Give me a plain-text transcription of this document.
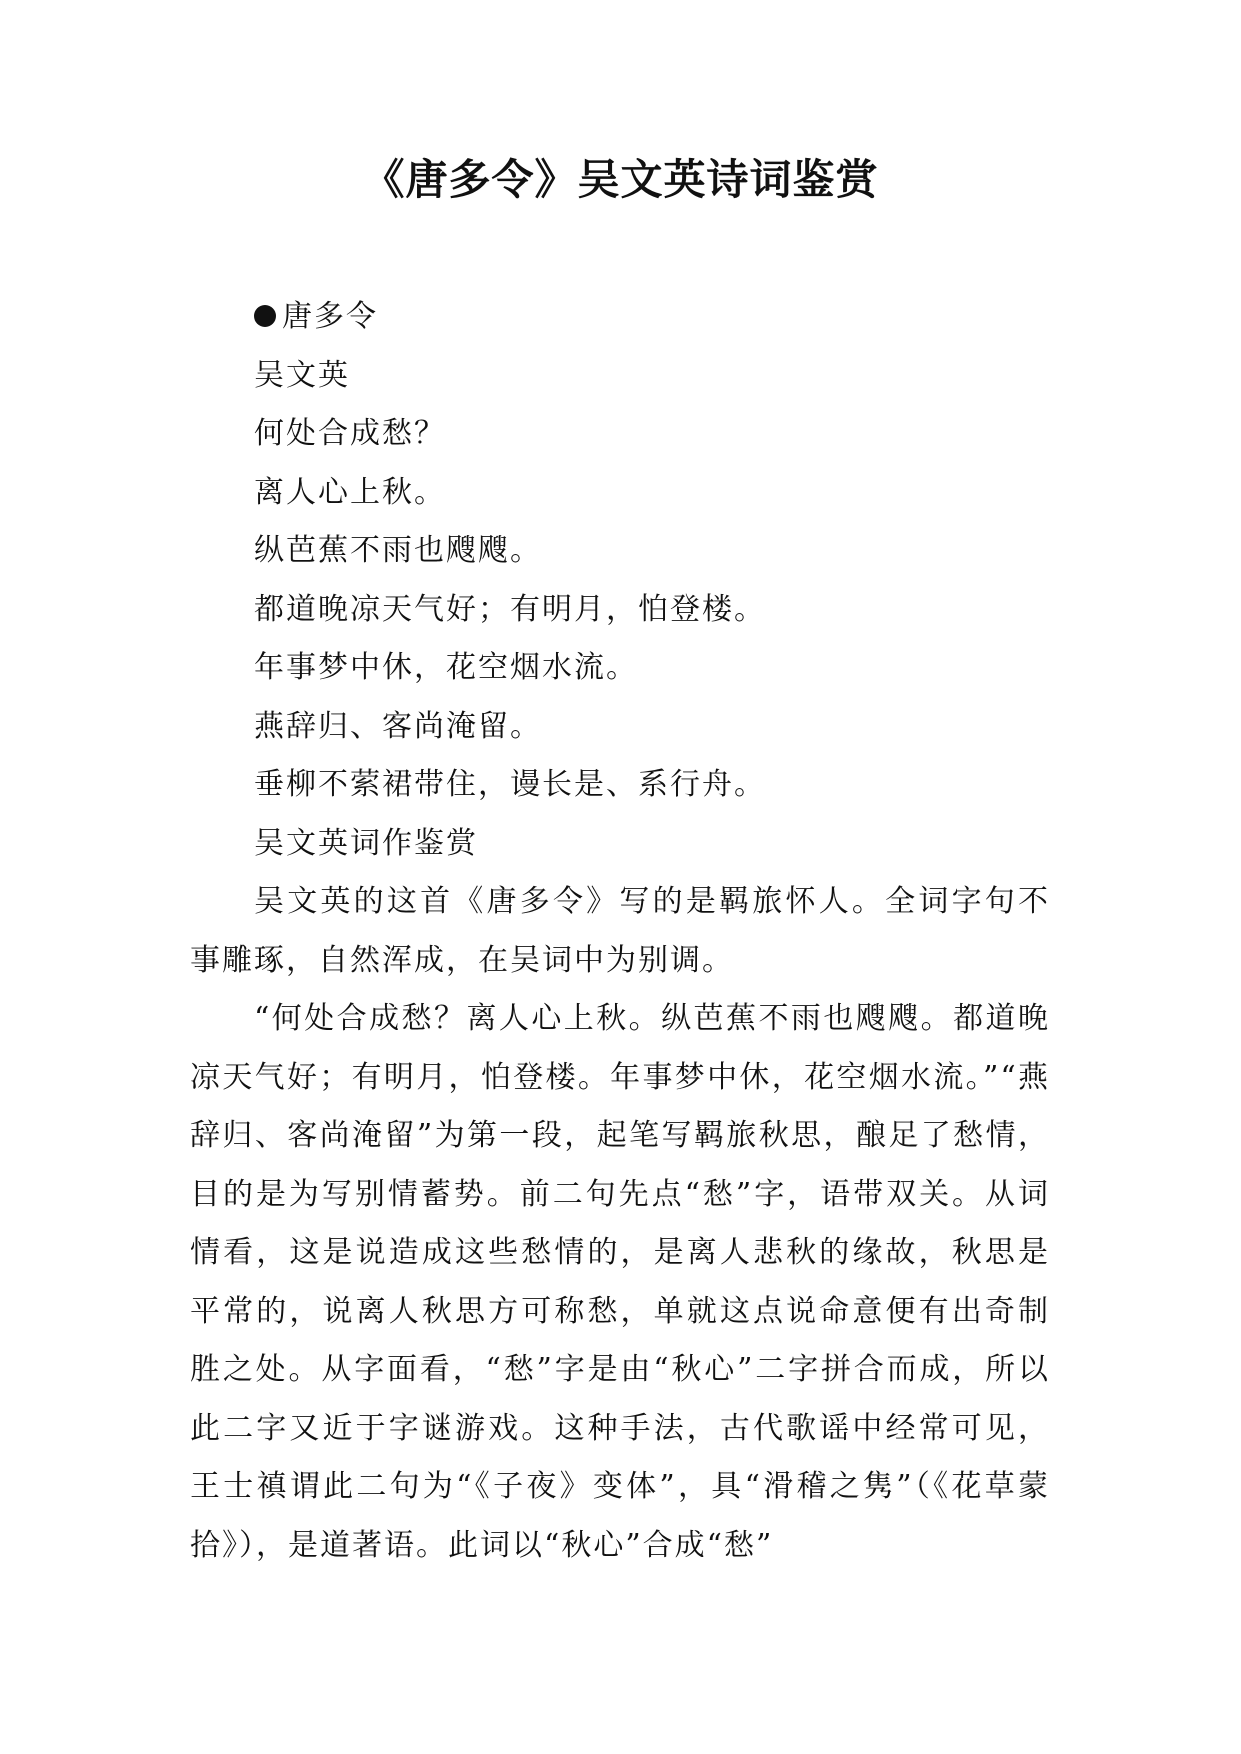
《唐多令》吴文英诗词鉴赏

唐多令

吴文英

何处合成愁？

离人心上秋。

纵芭蕉不雨也飕飕。

都道晚凉天气好；有明月，怕登楼。

年事梦中休，花空烟水流。

燕辞归、客尚淹留。

垂柳不萦裙带住，谩长是、系行舟。

吴文英词作鉴赏

吴文英的这首《唐多令》写的是羁旅怀人。全词字句不事雕琢，自然浑成，在吴词中为别调。

“何处合成愁？离人心上秋。纵芭蕉不雨也飕飕。都道晚凉天气好；有明月，怕登楼。年事梦中休，花空烟水流。”“燕辞归、客尚淹留”为第一段，起笔写羁旅秋思，酿足了愁情，目的是为写别情蓄势。前二句先点“愁”字，语带双关。从词情看，这是说造成这些愁情的，是离人悲秋的缘故，秋思是平常的，说离人秋思方可称愁，单就这点说命意便有出奇制胜之处。从字面看，“愁”字是由“秋心”二字拼合而成，所以此二字又近于字谜游戏。这种手法，古代歌谣中经常可见，王士禛谓此二句为“《子夜》变体”，具“滑稽之隽”（《花草蒙拾》），是道著语。此词以“秋心”合成“愁”
